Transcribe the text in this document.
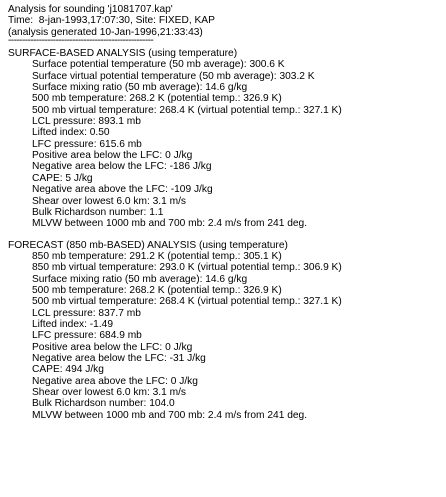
Analysis for sounding 'j1081707.kap'
Time:  8-jan-1993,17:07:30, Site: FIXED, KAP
(analysis generated 10-Jan-1996,21:33:43)
----------------------------------------------------
SURFACE-BASED ANALYSIS (using temperature)
Surface potential temperature (50 mb average): 300.6 K
Surface virtual potential temperature (50 mb average): 303.2 K
Surface mixing ratio (50 mb average): 14.6 g/kg
500 mb temperature: 268.2 K (potential temp.: 326.9 K)
500 mb virtual temperature: 268.4 K (virtual potential temp.: 327.1 K)
LCL pressure: 893.1 mb
Lifted index: 0.50
LFC pressure: 615.6 mb
Positive area below the LFC: 0 J/kg
Negative area below the LFC: -186 J/kg
CAPE: 5 J/kg
Negative area above the LFC: -109 J/kg
Shear over lowest 6.0 km: 3.1 m/s
Bulk Richardson number: 1.1
MLVW between 1000 mb and 700 mb: 2.4 m/s from 241 deg.
FORECAST (850 mb-BASED) ANALYSIS (using temperature)
850 mb temperature: 291.2 K (potential temp.: 305.1 K)
850 mb virtual temperature: 293.0 K (virtual potential temp.: 306.9 K)
Surface mixing ratio (50 mb average): 14.6 g/kg
500 mb temperature: 268.2 K (potential temp.: 326.9 K)
500 mb virtual temperature: 268.4 K (virtual potential temp.: 327.1 K)
LCL pressure: 837.7 mb
Lifted index: -1.49
LFC pressure: 684.9 mb
Positive area below the LFC: 0 J/kg
Negative area below the LFC: -31 J/kg
CAPE: 494 J/kg
Negative area above the LFC: 0 J/kg
Shear over lowest 6.0 km: 3.1 m/s
Bulk Richardson number: 104.0
MLVW between 1000 mb and 700 mb: 2.4 m/s from 241 deg.
